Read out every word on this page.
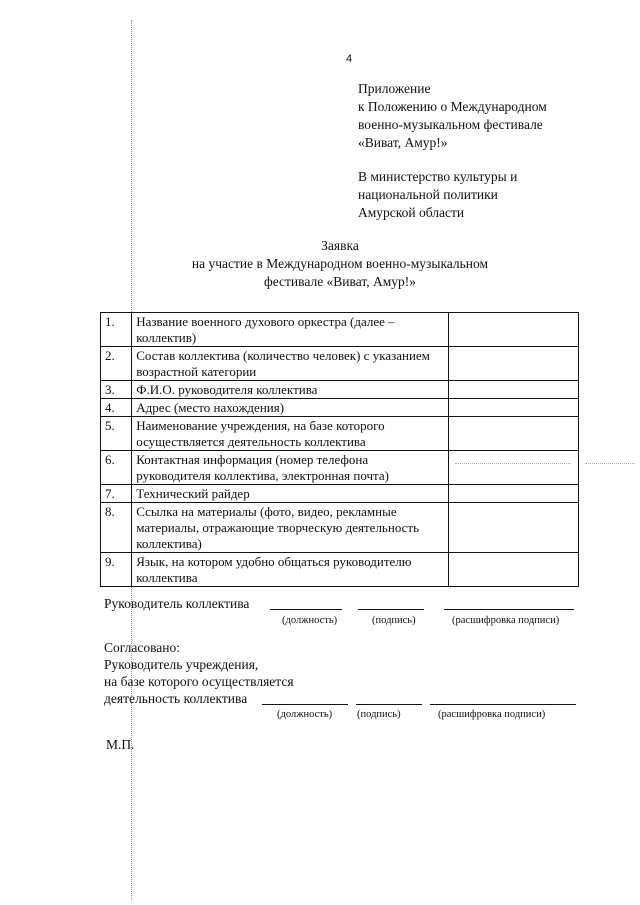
4
Приложение
к Положению о Международном
военно-музыкальном фестивале
«Виват, Амур!»
В министерство культуры и
национальной политики
Амурской области
Заявка
на участие в Международном военно-музыкальном
фестивале «Виват, Амур!»
1.	Название военного духового оркестра (далее – коллектив)	
2.	Состав коллектива (количество человек) с указанием возрастной категории	
3.	Ф.И.О. руководителя коллектива	
4.	Адрес (место нахождения)	
5.	Наименование учреждения, на базе которого осуществляется деятельность коллектива	
6.	Контактная информация (номер телефона руководителя коллектива, электронная почта)	
7.	Технический райдер	
8.	Ссылка на материалы (фото, видео, рекламные материалы, отражающие творческую деятельность коллектива)	
9.	Язык, на котором удобно общаться руководителю коллектива	
Руководитель коллектива
(должность)	(подпись)	(расшифровка подписи)
Согласовано:
Руководитель учреждения,
на базе которого осуществляется
деятельность коллектива
(должность) (подпись)	(расшифровка подписи)
М.П.
